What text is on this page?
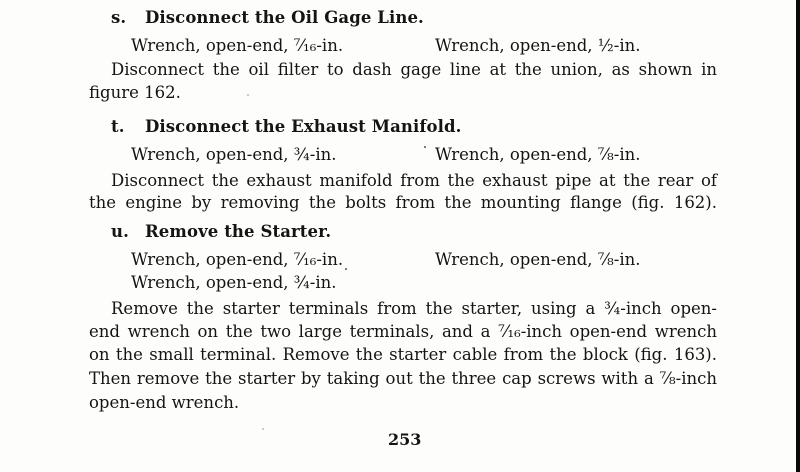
s. Disconnect the Oil Gage Line.
Wrench, open-end, ⁷⁄₁₆-in.	Wrench, open-end, ½-in.
Disconnect the oil filter to dash gage line at the union, as shown in
figure 162.
t. Disconnect the Exhaust Manifold.
Wrench, open-end, ¾-in.	Wrench, open-end, ⅞-in.
Disconnect the exhaust manifold from the exhaust pipe at the rear of
the engine by removing the bolts from the mounting flange (fig. 162).
u. Remove the Starter.
Wrench, open-end, ⁷⁄₁₆-in.	Wrench, open-end, ⅞-in.
Wrench, open-end, ¾-in.
Remove the starter terminals from the starter, using a ¾-inch open-
end wrench on the two large terminals, and a ⁷⁄₁₆-inch open-end wrench
on the small terminal. Remove the starter cable from the block (fig. 163).
Then remove the starter by taking out the three cap screws with a ⅞-inch
open-end wrench.
253
